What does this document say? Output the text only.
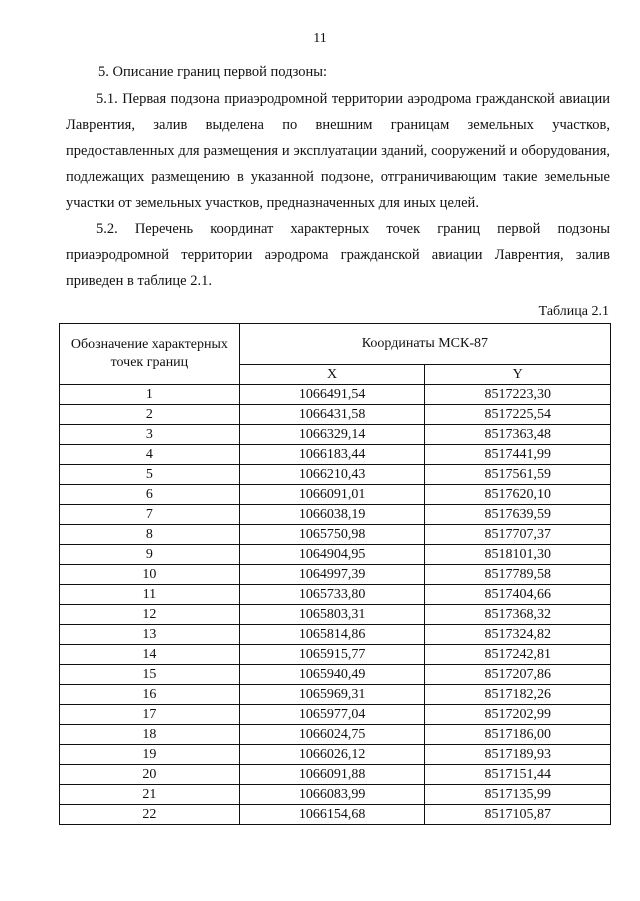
11
5. Описание границ первой подзоны:
5.1. Первая подзона приаэродромной территории аэродрома гражданской авиации Лаврентия, залив выделена по внешним границам земельных участков, предоставленных для размещения и эксплуатации зданий, сооружений и оборудования, подлежащих размещению в указанной подзоне, отграничивающим такие земельные участки от земельных участков, предназначенных для иных целей.
5.2. Перечень координат характерных точек границ первой подзоны приаэродромной территории аэродрома гражданской авиации Лаврентия, залив приведен в таблице 2.1.
Таблица 2.1
Обозначение характерных точек границ	Координаты МСК-87	
	X	Y
1	1066491,54	8517223,30
2	1066431,58	8517225,54
3	1066329,14	8517363,48
4	1066183,44	8517441,99
5	1066210,43	8517561,59
6	1066091,01	8517620,10
7	1066038,19	8517639,59
8	1065750,98	8517707,37
9	1064904,95	8518101,30
10	1064997,39	8517789,58
11	1065733,80	8517404,66
12	1065803,31	8517368,32
13	1065814,86	8517324,82
14	1065915,77	8517242,81
15	1065940,49	8517207,86
16	1065969,31	8517182,26
17	1065977,04	8517202,99
18	1066024,75	8517186,00
19	1066026,12	8517189,93
20	1066091,88	8517151,44
21	1066083,99	8517135,99
22	1066154,68	8517105,87
